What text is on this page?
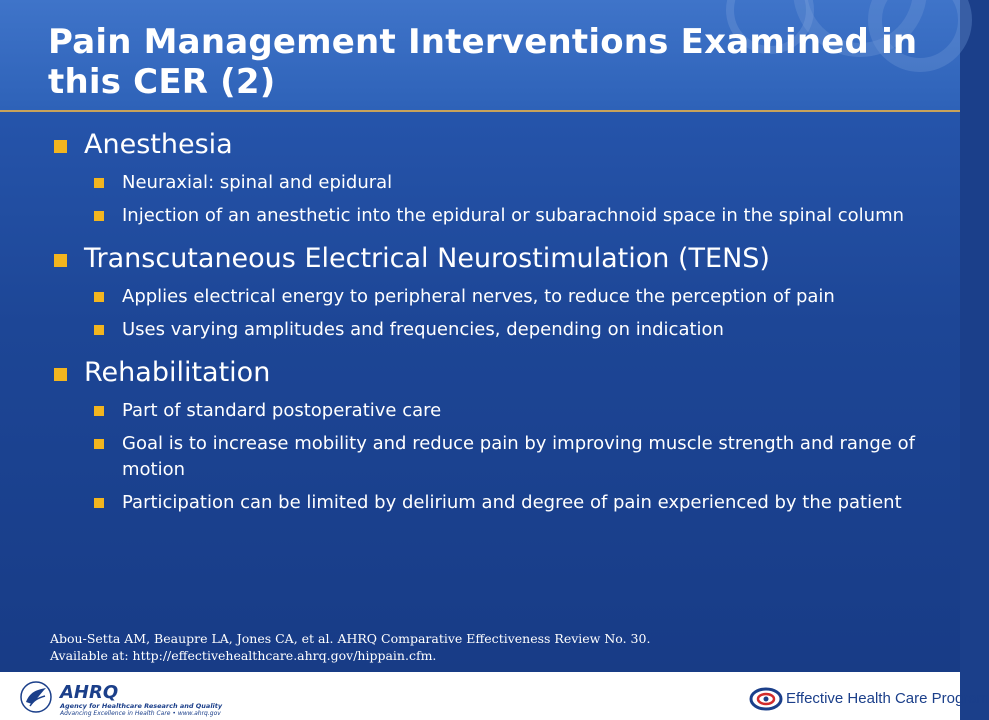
Pain Management Interventions Examined in this CER (2)
Anesthesia
Neuraxial: spinal and epidural
Injection of an anesthetic into the epidural or subarachnoid space in the spinal column
Transcutaneous Electrical Neurostimulation (TENS)
Applies electrical energy to peripheral nerves, to reduce the perception of pain
Uses varying amplitudes and frequencies, depending on indication
Rehabilitation
Part of standard postoperative care
Goal is to increase mobility and reduce pain by improving muscle strength and range of motion
Participation can be limited by delirium and degree of pain experienced by the patient
Abou-Setta AM, Beaupre LA, Jones CA, et al. AHRQ Comparative Effectiveness Review No. 30.
Available at: http://effectivehealthcare.ahrq.gov/hippain.cfm.
AHRQ
Agency for Healthcare Research and Quality
Advancing Excellence in Health Care • www.ahrq.gov
Effective Health Care Program
